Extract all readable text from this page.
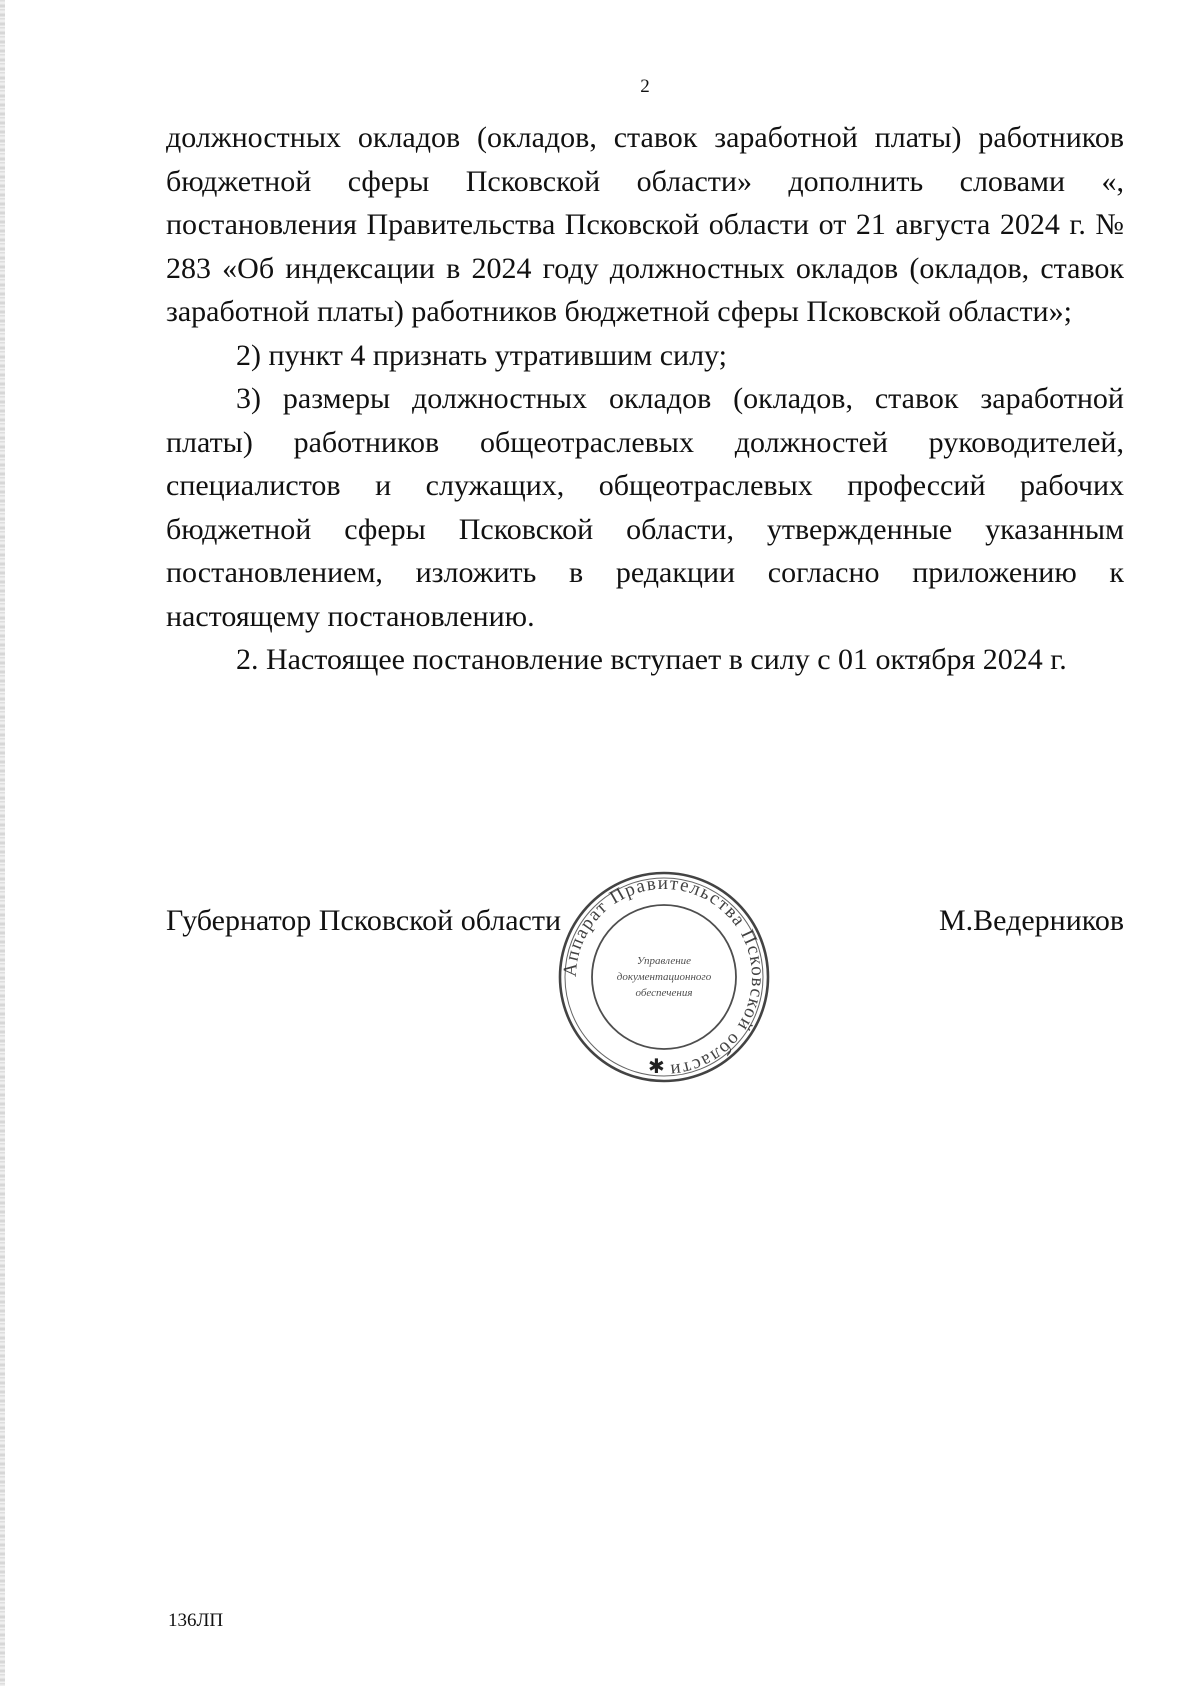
2

должностных окладов (окладов, ставок заработной платы) работников бюджетной сферы Псковской области» дополнить словами «, постановления Правительства Псковской области от 21 августа 2024 г. № 283 «Об индексации в 2024 году должностных окладов (окладов, ставок заработной платы) работников бюджетной сферы Псковской области»;

2) пункт 4 признать утратившим силу;

3) размеры должностных окладов (окладов, ставок заработной платы) работников общеотраслевых должностей руководителей, специалистов и служащих, общеотраслевых профессий рабочих бюджетной сферы Псковской области, утвержденные указанным постановлением, изложить в редакции согласно приложению к настоящему постановлению.

2. Настоящее постановление вступает в силу с 01 октября 2024 г.

Губернатор Псковской области	М.Ведерников
Аппарат Правительства Псковской области
Управление
документационного
обеспечения
✱
136ЛП
